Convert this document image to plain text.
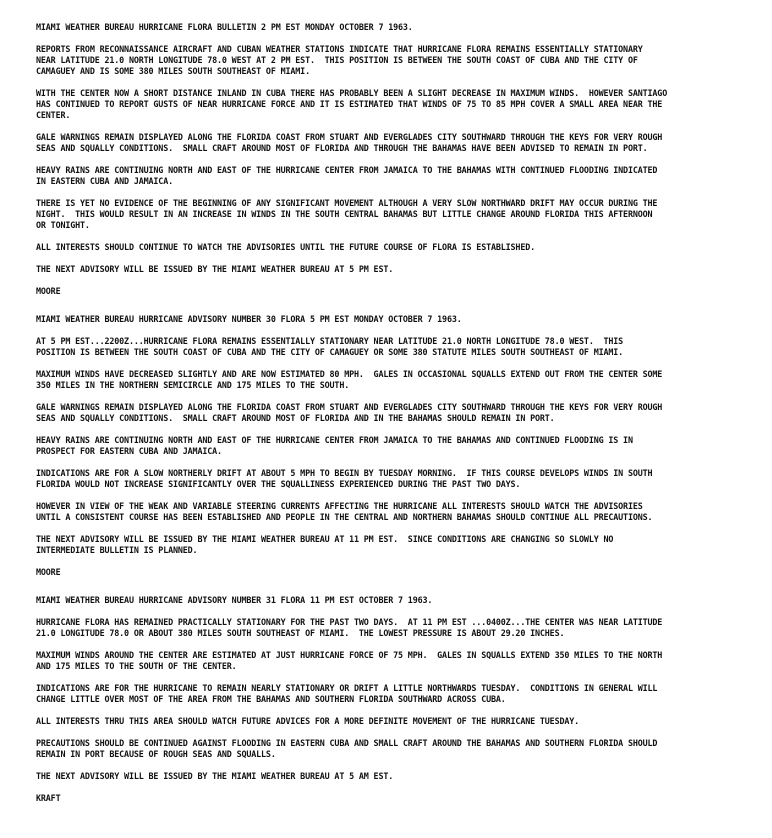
MIAMI WEATHER BUREAU HURRICANE FLORA BULLETIN 2 PM EST MONDAY OCTOBER 7 1963.

REPORTS FROM RECONNAISSANCE AIRCRAFT AND CUBAN WEATHER STATIONS INDICATE THAT HURRICANE FLORA REMAINS ESSENTIALLY STATIONARY
NEAR LATITUDE 21.0 NORTH LONGITUDE 78.0 WEST AT 2 PM EST.  THIS POSITION IS BETWEEN THE SOUTH COAST OF CUBA AND THE CITY OF
CAMAGUEY AND IS SOME 380 MILES SOUTH SOUTHEAST OF MIAMI.

WITH THE CENTER NOW A SHORT DISTANCE INLAND IN CUBA THERE HAS PROBABLY BEEN A SLIGHT DECREASE IN MAXIMUM WINDS.  HOWEVER SANTIAGO
HAS CONTINUED TO REPORT GUSTS OF NEAR HURRICANE FORCE AND IT IS ESTIMATED THAT WINDS OF 75 TO 85 MPH COVER A SMALL AREA NEAR THE
CENTER.

GALE WARNINGS REMAIN DISPLAYED ALONG THE FLORIDA COAST FROM STUART AND EVERGLADES CITY SOUTHWARD THROUGH THE KEYS FOR VERY ROUGH
SEAS AND SQUALLY CONDITIONS.  SMALL CRAFT AROUND MOST OF FLORIDA AND THROUGH THE BAHAMAS HAVE BEEN ADVISED TO REMAIN IN PORT.

HEAVY RAINS ARE CONTINUING NORTH AND EAST OF THE HURRICANE CENTER FROM JAMAICA TO THE BAHAMAS WITH CONTINUED FLOODING INDICATED
IN EASTERN CUBA AND JAMAICA.

THERE IS YET NO EVIDENCE OF THE BEGINNING OF ANY SIGNIFICANT MOVEMENT ALTHOUGH A VERY SLOW NORTHWARD DRIFT MAY OCCUR DURING THE
NIGHT.  THIS WOULD RESULT IN AN INCREASE IN WINDS IN THE SOUTH CENTRAL BAHAMAS BUT LITTLE CHANGE AROUND FLORIDA THIS AFTERNOON
OR TONIGHT.

ALL INTERESTS SHOULD CONTINUE TO WATCH THE ADVISORIES UNTIL THE FUTURE COURSE OF FLORA IS ESTABLISHED.

THE NEXT ADVISORY WILL BE ISSUED BY THE MIAMI WEATHER BUREAU AT 5 PM EST.

MOORE

MIAMI WEATHER BUREAU HURRICANE ADVISORY NUMBER 30 FLORA 5 PM EST MONDAY OCTOBER 7 1963.

AT 5 PM EST...2200Z...HURRICANE FLORA REMAINS ESSENTIALLY STATIONARY NEAR LATITUDE 21.0 NORTH LONGITUDE 78.0 WEST.  THIS
POSITION IS BETWEEN THE SOUTH COAST OF CUBA AND THE CITY OF CAMAGUEY OR SOME 380 STATUTE MILES SOUTH SOUTHEAST OF MIAMI.

MAXIMUM WINDS HAVE DECREASED SLIGHTLY AND ARE NOW ESTIMATED 80 MPH.  GALES IN OCCASIONAL SQUALLS EXTEND OUT FROM THE CENTER SOME
350 MILES IN THE NORTHERN SEMICIRCLE AND 175 MILES TO THE SOUTH.

GALE WARNINGS REMAIN DISPLAYED ALONG THE FLORIDA COAST FROM STUART AND EVERGLADES CITY SOUTHWARD THROUGH THE KEYS FOR VERY ROUGH
SEAS AND SQUALLY CONDITIONS.  SMALL CRAFT AROUND MOST OF FLORIDA AND IN THE BAHAMAS SHOULD REMAIN IN PORT.

HEAVY RAINS ARE CONTINUING NORTH AND EAST OF THE HURRICANE CENTER FROM JAMAICA TO THE BAHAMAS AND CONTINUED FLOODING IS IN
PROSPECT FOR EASTERN CUBA AND JAMAICA.

INDICATIONS ARE FOR A SLOW NORTHERLY DRIFT AT ABOUT 5 MPH TO BEGIN BY TUESDAY MORNING.  IF THIS COURSE DEVELOPS WINDS IN SOUTH
FLORIDA WOULD NOT INCREASE SIGNIFICANTLY OVER THE SQUALLINESS EXPERIENCED DURING THE PAST TWO DAYS.

HOWEVER IN VIEW OF THE WEAK AND VARIABLE STEERING CURRENTS AFFECTING THE HURRICANE ALL INTERESTS SHOULD WATCH THE ADVISORIES
UNTIL A CONSISTENT COURSE HAS BEEN ESTABLISHED AND PEOPLE IN THE CENTRAL AND NORTHERN BAHAMAS SHOULD CONTINUE ALL PRECAUTIONS.

THE NEXT ADVISORY WILL BE ISSUED BY THE MIAMI WEATHER BUREAU AT 11 PM EST.  SINCE CONDITIONS ARE CHANGING SO SLOWLY NO
INTERMEDIATE BULLETIN IS PLANNED.

MOORE

MIAMI WEATHER BUREAU HURRICANE ADVISORY NUMBER 31 FLORA 11 PM EST OCTOBER 7 1963.

HURRICANE FLORA HAS REMAINED PRACTICALLY STATIONARY FOR THE PAST TWO DAYS.  AT 11 PM EST ...0400Z...THE CENTER WAS NEAR LATITUDE
21.0 LONGITUDE 78.0 OR ABOUT 380 MILES SOUTH SOUTHEAST OF MIAMI.  THE LOWEST PRESSURE IS ABOUT 29.20 INCHES.

MAXIMUM WINDS AROUND THE CENTER ARE ESTIMATED AT JUST HURRICANE FORCE OF 75 MPH.  GALES IN SQUALLS EXTEND 350 MILES TO THE NORTH
AND 175 MILES TO THE SOUTH OF THE CENTER.

INDICATIONS ARE FOR THE HURRICANE TO REMAIN NEARLY STATIONARY OR DRIFT A LITTLE NORTHWARDS TUESDAY.  CONDITIONS IN GENERAL WILL
CHANGE LITTLE OVER MOST OF THE AREA FROM THE BAHAMAS AND SOUTHERN FLORIDA SOUTHWARD ACROSS CUBA.

ALL INTERESTS THRU THIS AREA SHOULD WATCH FUTURE ADVICES FOR A MORE DEFINITE MOVEMENT OF THE HURRICANE TUESDAY.

PRECAUTIONS SHOULD BE CONTINUED AGAINST FLOODING IN EASTERN CUBA AND SMALL CRAFT AROUND THE BAHAMAS AND SOUTHERN FLORIDA SHOULD
REMAIN IN PORT BECAUSE OF ROUGH SEAS AND SQUALLS.

THE NEXT ADVISORY WILL BE ISSUED BY THE MIAMI WEATHER BUREAU AT 5 AM EST.

KRAFT
